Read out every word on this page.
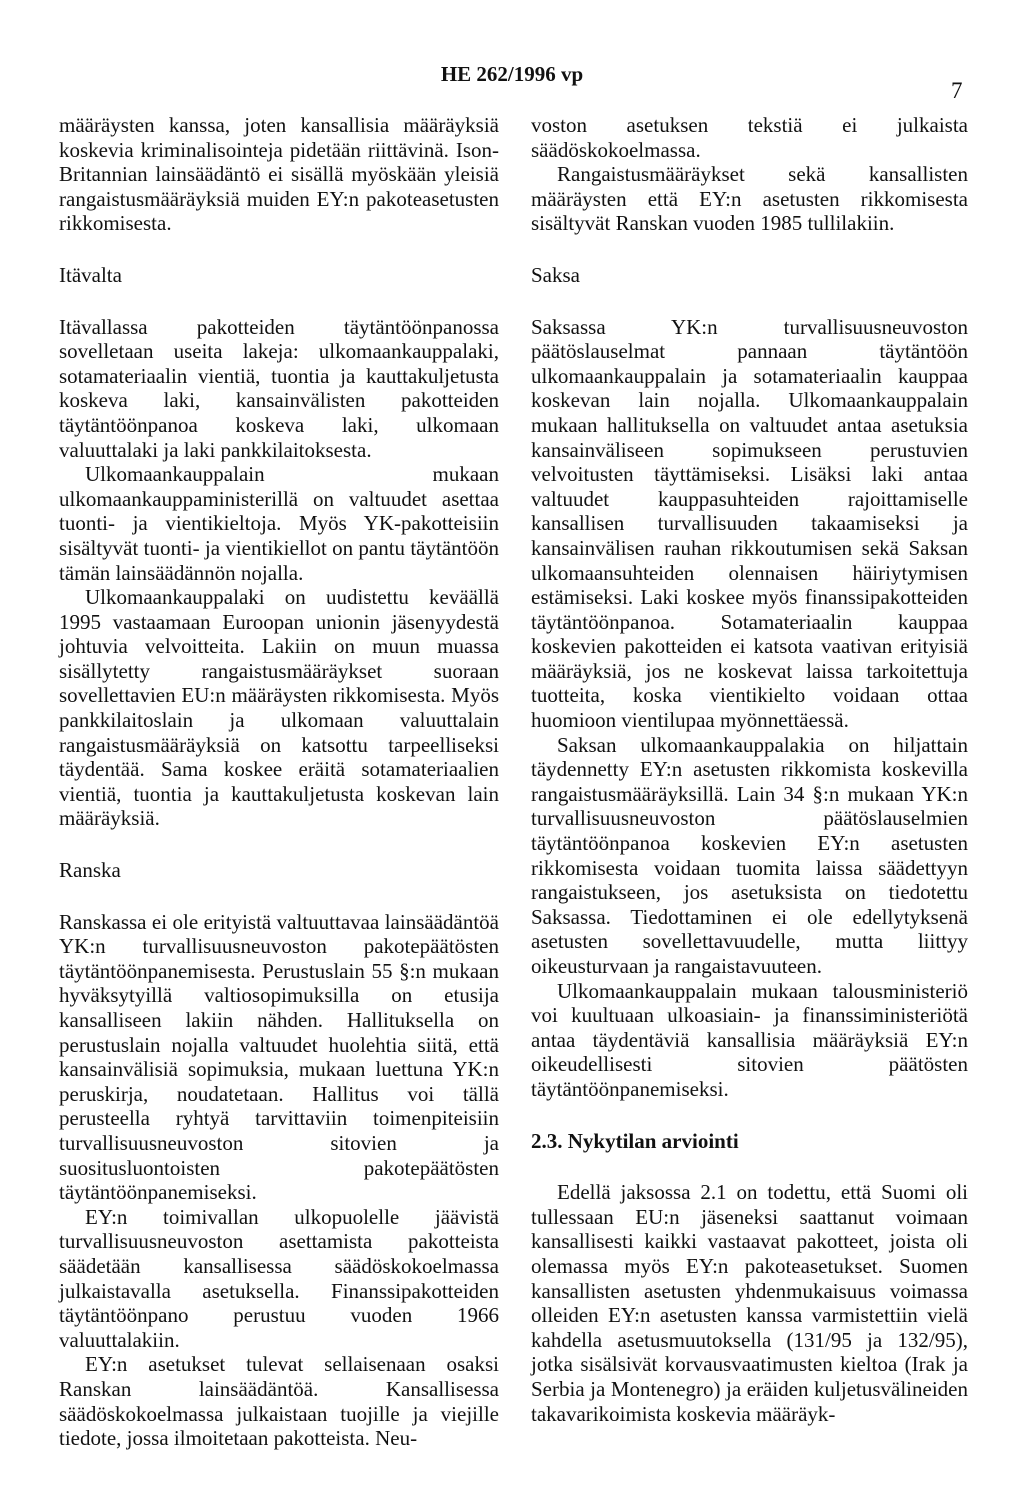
HE 262/1996 vp
7

määräysten kanssa, joten kansallisia määräyksiä koskevia kriminalisointeja pidetään riittävinä. Ison-Britannian lainsäädäntö ei sisällä myöskään yleisiä rangaistusmääräyksiä muiden EY:n pakoteasetusten rikkomisesta.

Itävalta

Itävallassa pakotteiden täytäntöönpanossa sovelletaan useita lakeja: ulkomaankauppalaki, sotamateriaalin vientiä, tuontia ja kauttakuljetusta koskeva laki, kansainvälisten pakotteiden täytäntöönpanoa koskeva laki, ulkomaan valuuttalaki ja laki pankkilaitoksesta.

Ulkomaankauppalain mukaan ulkomaankauppaministerillä on valtuudet asettaa tuonti- ja vientikieltoja. Myös YK-pakotteisiin sisältyvät tuonti- ja vientikiellot on pantu täytäntöön tämän lainsäädännön nojalla.

Ulkomaankauppalaki on uudistettu keväällä 1995 vastaamaan Euroopan unionin jäsenyydestä johtuvia velvoitteita. Lakiin on muun muassa sisällytetty rangaistusmääräykset suoraan sovellettavien EU:n määräysten rikkomisesta. Myös pankkilaitoslain ja ulkomaan valuuttalain rangaistusmääräyksiä on katsottu tarpeelliseksi täydentää. Sama koskee eräitä sotamateriaalien vientiä, tuontia ja kauttakuljetusta koskevan lain määräyksiä.

Ranska

Ranskassa ei ole erityistä valtuuttavaa lainsäädäntöä YK:n turvallisuusneuvoston pakotepäätösten täytäntöönpanemisesta. Perustuslain 55 §:n mukaan hyväksytyillä valtiosopimuksilla on etusija kansalliseen lakiin nähden. Hallituksella on perustuslain nojalla valtuudet huolehtia siitä, että kansainvälisiä sopimuksia, mukaan luettuna YK:n peruskirja, noudatetaan. Hallitus voi tällä perusteella ryhtyä tarvittaviin toimenpiteisiin turvallisuusneuvoston sitovien ja suositusluontoisten pakotepäätösten täytäntöönpanemiseksi.

EY:n toimivallan ulkopuolelle jäävistä turvallisuusneuvoston asettamista pakotteista säädetään kansallisessa säädöskokoelmassa julkaistavalla asetuksella. Finanssipakotteiden täytäntöönpano perustuu vuoden 1966 valuuttalakiin.

EY:n asetukset tulevat sellaisenaan osaksi Ranskan lainsäädäntöä. Kansallisessa säädöskokoelmassa julkaistaan tuojille ja viejille tiedote, jossa ilmoitetaan pakotteista. Neu-

voston asetuksen tekstiä ei julkaista säädöskokoelmassa.

Rangaistusmääräykset sekä kansallisten määräysten että EY:n asetusten rikkomisesta sisältyvät Ranskan vuoden 1985 tullilakiin.

Saksa

Saksassa YK:n turvallisuusneuvoston päätöslauselmat pannaan täytäntöön ulkomaankauppalain ja sotamateriaalin kauppaa koskevan lain nojalla. Ulkomaankauppalain mukaan hallituksella on valtuudet antaa asetuksia kansainväliseen sopimukseen perustuvien velvoitusten täyttämiseksi. Lisäksi laki antaa valtuudet kauppasuhteiden rajoittamiselle kansallisen turvallisuuden takaamiseksi ja kansainvälisen rauhan rikkoutumisen sekä Saksan ulkomaansuhteiden olennaisen häiriytymisen estämiseksi. Laki koskee myös finanssipakotteiden täytäntöönpanoa. Sotamateriaalin kauppaa koskevien pakotteiden ei katsota vaativan erityisiä määräyksiä, jos ne koskevat laissa tarkoitettuja tuotteita, koska vientikielto voidaan ottaa huomioon vientilupaa myönnettäessä.

Saksan ulkomaankauppalakia on hiljattain täydennetty EY:n asetusten rikkomista koskevilla rangaistusmääräyksillä. Lain 34 §:n mukaan YK:n turvallisuusneuvoston päätöslauselmien täytäntöönpanoa koskevien EY:n asetusten rikkomisesta voidaan tuomita laissa säädettyyn rangaistukseen, jos asetuksista on tiedotettu Saksassa. Tiedottaminen ei ole edellytyksenä asetusten sovellettavuudelle, mutta liittyy oikeusturvaan ja rangaistavuuteen.

Ulkomaankauppalain mukaan talousministeriö voi kuultuaan ulkoasiain- ja finanssiministeriötä antaa täydentäviä kansallisia määräyksiä EY:n oikeudellisesti sitovien päätösten täytäntöönpanemiseksi.

2.3. Nykytilan arviointi

Edellä jaksossa 2.1 on todettu, että Suomi oli tullessaan EU:n jäseneksi saattanut voimaan kansallisesti kaikki vastaavat pakotteet, joista oli olemassa myös EY:n pakoteasetukset. Suomen kansallisten asetusten yhdenmukaisuus voimassa olleiden EY:n asetusten kanssa varmistettiin vielä kahdella asetusmuutoksella (131/95 ja 132/95), jotka sisälsivät korvausvaatimusten kieltoa (Irak ja Serbia ja Montenegro) ja eräiden kuljetusvälineiden takavarikoimista koskevia määräyk-
